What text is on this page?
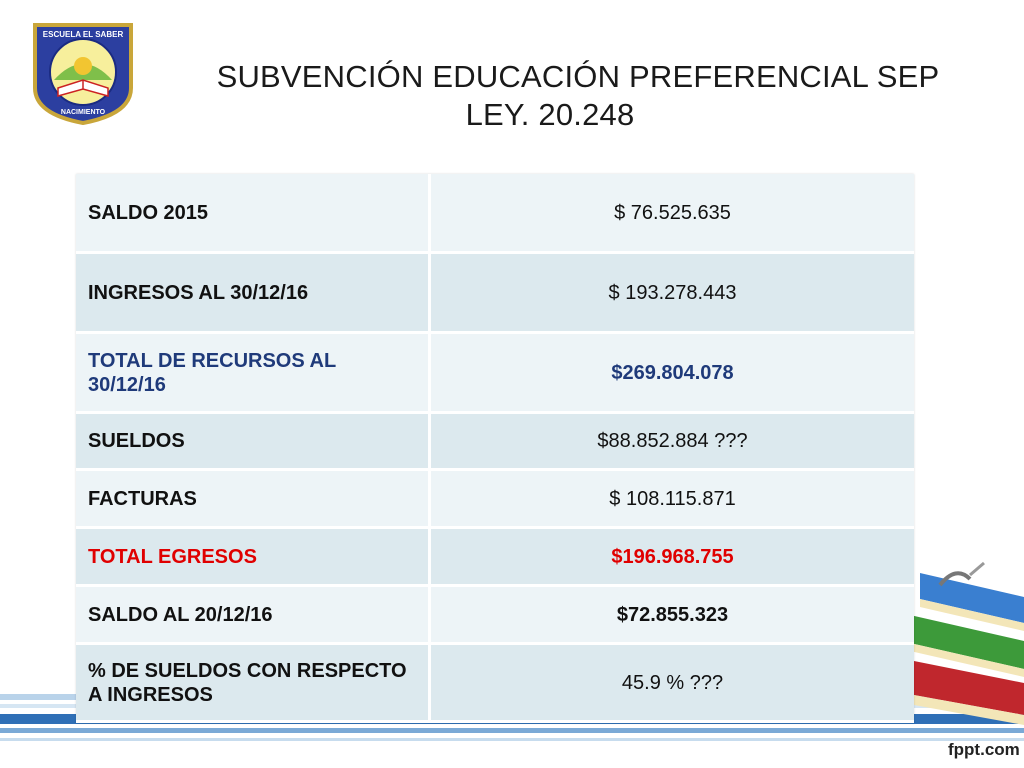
ESCUELA EL SABER
NACIMIENTO
SUBVENCIÓN EDUCACIÓN PREFERENCIAL SEP
LEY. 20.248
SALDO 2015	$ 76.525.635
INGRESOS AL 30/12/16	$ 193.278.443
TOTAL DE RECURSOS AL 30/12/16	$269.804.078
SUELDOS	$88.852.884 ???
FACTURAS	$ 108.115.871
TOTAL EGRESOS	$196.968.755
SALDO AL 20/12/16	$72.855.323
% DE SUELDOS CON RESPECTO A INGRESOS	45.9 % ???
fppt.com
